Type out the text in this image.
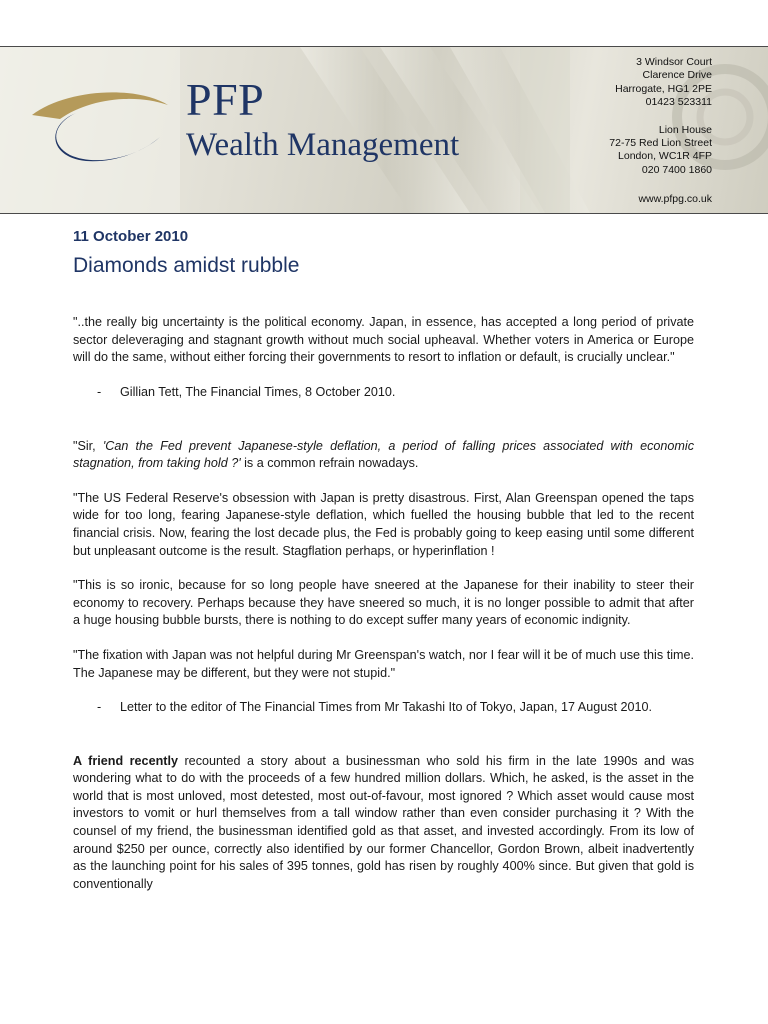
PFP
Wealth Management
3 Windsor Court
Clarence Drive
Harrogate, HG1 2PE
01423 523311
Lion House
72-75 Red Lion Street
London, WC1R 4FP
020 7400 1860
www.pfpg.co.uk
11 October 2010
Diamonds amidst rubble

"..the really big uncertainty is the political economy. Japan, in essence, has accepted a long period of private sector deleveraging and stagnant growth without much social upheaval. Whether voters in America or Europe will do the same, without either forcing their governments to resort to inflation or default, is crucially unclear."

-	Gillian Tett, The Financial Times, 8 October 2010.

"Sir, 'Can the Fed prevent Japanese-style deflation, a period of falling prices associated with economic stagnation, from taking hold ?' is a common refrain nowadays.

"The US Federal Reserve's obsession with Japan is pretty disastrous. First, Alan Greenspan opened the taps wide for too long, fearing Japanese-style deflation, which fuelled the housing bubble that led to the recent financial crisis. Now, fearing the lost decade plus, the Fed is probably going to keep easing until some different but unpleasant outcome is the result. Stagflation perhaps, or hyperinflation !

"This is so ironic, because for so long people have sneered at the Japanese for their inability to steer their economy to recovery. Perhaps because they have sneered so much, it is no longer possible to admit that after a huge housing bubble bursts, there is nothing to do except suffer many years of economic indignity.

"The fixation with Japan was not helpful during Mr Greenspan's watch, nor I fear will it be of much use this time. The Japanese may be different, but they were not stupid."

-	Letter to the editor of The Financial Times from Mr Takashi Ito of Tokyo, Japan, 17 August 2010.

A friend recently recounted a story about a businessman who sold his firm in the late 1990s and was wondering what to do with the proceeds of a few hundred million dollars. Which, he asked, is the asset in the world that is most unloved, most detested, most out-of-favour, most ignored ? Which asset would cause most investors to vomit or hurl themselves from a tall window rather than even consider purchasing it ? With the counsel of my friend, the businessman identified gold as that asset, and invested accordingly. From its low of around $250 per ounce, correctly also identified by our former Chancellor, Gordon Brown, albeit inadvertently as the launching point for his sales of 395 tonnes, gold has risen by roughly 400% since. But given that gold is conventionally
